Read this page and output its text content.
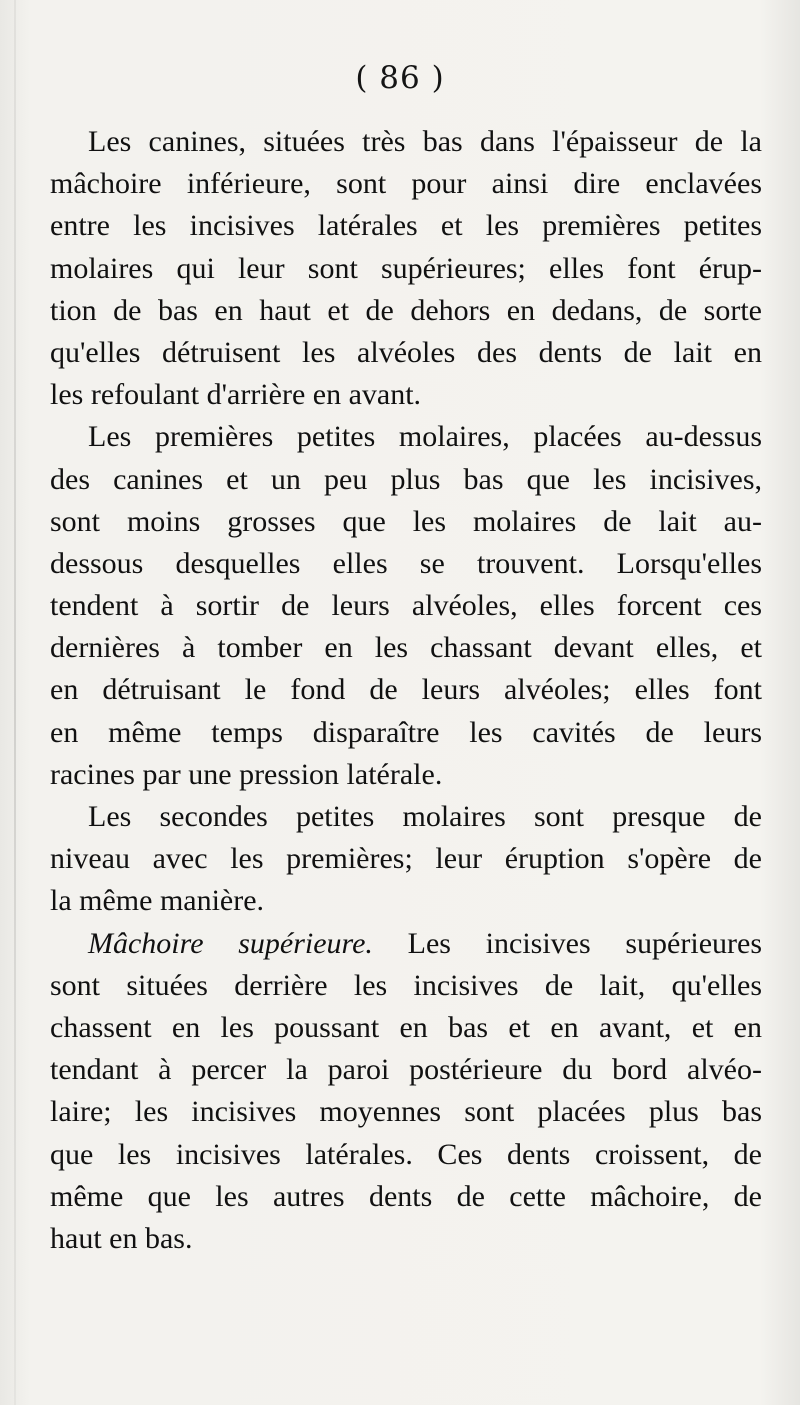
( 86 )
Les canines, situées très bas dans l'épaisseur de la
mâchoire inférieure, sont pour ainsi dire enclavées
entre les incisives latérales et les premières petites
molaires qui leur sont supérieures; elles font érup-
tion de bas en haut et de dehors en dedans, de sorte
qu'elles détruisent les alvéoles des dents de lait en
les refoulant d'arrière en avant.
Les premières petites molaires, placées au-dessus
des canines et un peu plus bas que les incisives,
sont moins grosses que les molaires de lait au-
dessous desquelles elles se trouvent. Lorsqu'elles
tendent à sortir de leurs alvéoles, elles forcent ces
dernières à tomber en les chassant devant elles, et
en détruisant le fond de leurs alvéoles; elles font
en même temps disparaître les cavités de leurs
racines par une pression latérale.
Les secondes petites molaires sont presque de
niveau avec les premières; leur éruption s'opère de
la même manière.
Mâchoire supérieure. Les incisives supérieures
sont situées derrière les incisives de lait, qu'elles
chassent en les poussant en bas et en avant, et en
tendant à percer la paroi postérieure du bord alvéo-
laire; les incisives moyennes sont placées plus bas
que les incisives latérales. Ces dents croissent, de
même que les autres dents de cette mâchoire, de
haut en bas.
